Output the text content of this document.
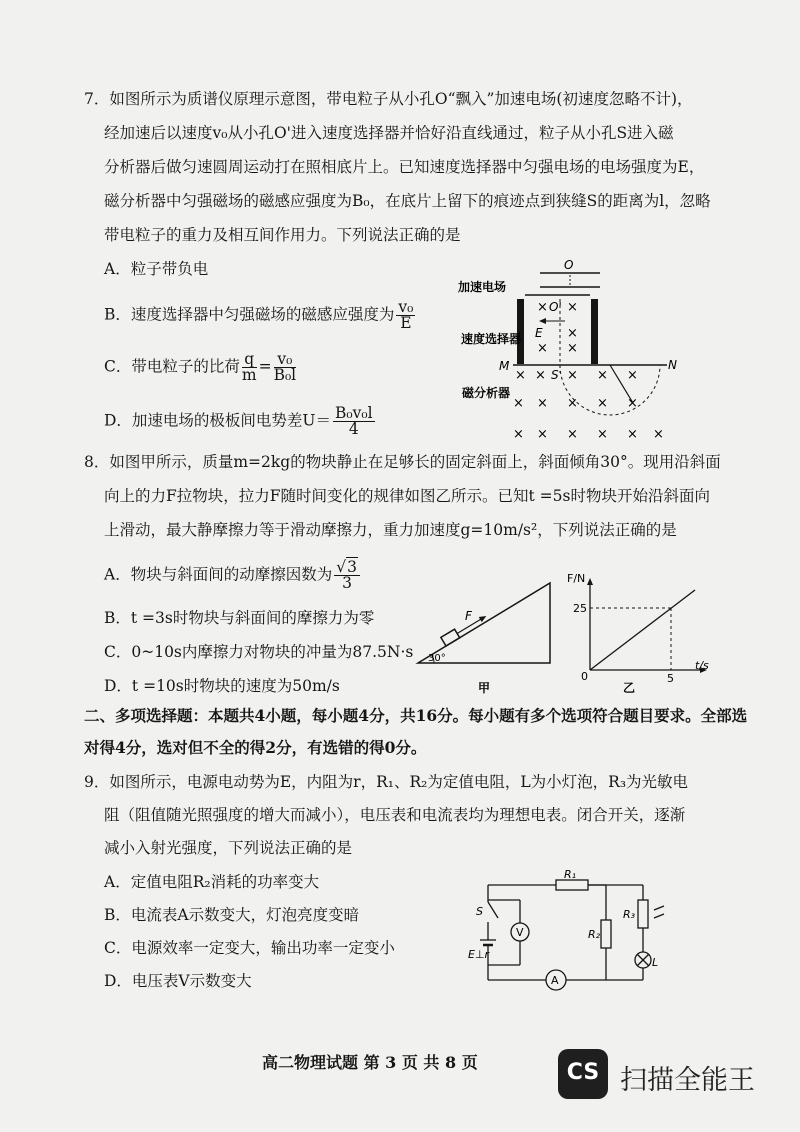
7．如图所示为质谱仪原理示意图，带电粒子从小孔O“飘入”加速电场(初速度忽略不计)，
经加速后以速度v₀从小孔O'进入速度选择器并恰好沿直线通过，粒子从小孔S进入磁
分析器后做匀速圆周运动打在照相底片上。已知速度选择器中匀强电场的电场强度为E，
磁分析器中匀强磁场的磁感应强度为B₀，在底片上留下的痕迹点到狭缝S的距离为l，忽略
带电粒子的重力及相互间作用力。下列说法正确的是
A．粒子带负电
B．速度选择器中匀强磁场的磁感应强度为 $\frac{\text{v₀}}{E}$
C．带电粒子的比荷 $\frac{q}{m} = \frac{\text{v₀}}{\text{B₀l}}$
D．加速电场的极板间电势差$U= \frac{\text{B₀v₀l}}{4}$
O
加速电场
× O' ×
E ×
速度选择器
× ×
M	N
× × S × × ×
磁分析器
× × × × ×
× × × × × ×
8．如图甲所示，质量m=2kg的物块静止在足够长的固定斜面上，斜面倾角30°。现用沿斜面
向上的力F拉物块，拉力F随时间变化的规律如图乙所示。已知t =5s时物块开始沿斜面向
上滑动，最大静摩擦力等于滑动摩擦力，重力加速度g=10m/s²，下列说法正确的是
A．物块与斜面间的动摩擦因数为 $\frac{√3}{3}$
B．t =3s时物块与斜面间的摩擦力为零
C．0~10s内摩擦力对物块的冲量为87.5N·s
D．t =10s时物块的速度为50m/s
F
30°
甲
F/N
t/s
25
0	5
乙
二、多项选择题：本题共4小题，每小题4分，共16分。每小题有多个选项符合题目要求。全部选
对得4分，选对但不全的得2分，有选错的得0分。
9．如图所示，电源电动势为E，内阻为r，R₁、R₂为定值电阻，L为小灯泡，R₃为光敏电
阻（阻值随光照强度的增大而减小），电压表和电流表均为理想电表。闭合开关，逐渐
减小入射光强度，下列说法正确的是
A．定值电阻R₂消耗的功率变大
B．电流表A示数变大，灯泡亮度变暗
C．电源效率一定变大，输出功率一定变小
D．电压表V示数变大
R₁
R₂
R₃
L
S
V
A
E⊥r
高二物理试题 第 3 页 共 8 页	CS 扫描全能王
